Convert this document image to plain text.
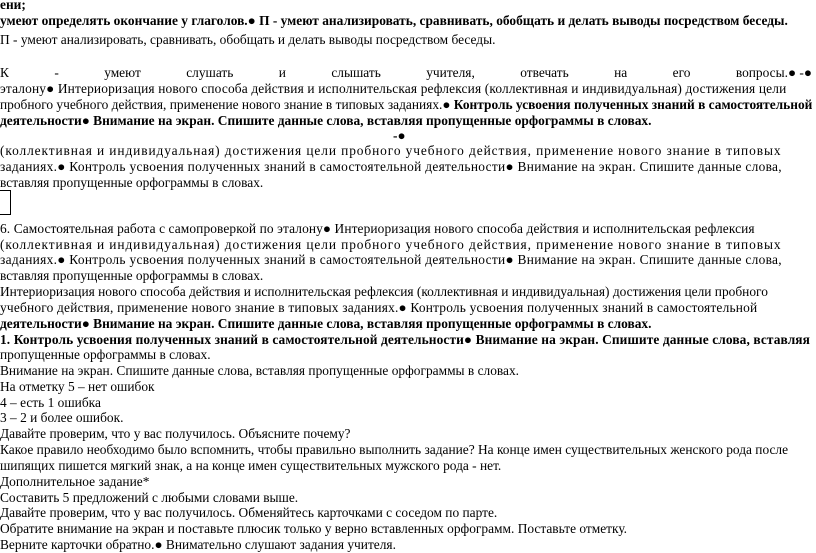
ени;
умеют определять окончание у глаголов.● П - умеют анализировать, сравнивать, обобщать и делать выводы посредством беседы.
П - умеют анализировать, сравнивать, обобщать и делать выводы посредством беседы.
К	-	умеют	слушать	и	слышать	учителя,	отвечать	на	его	вопросы.● -●
эталону● Интериоризация нового способа действия и исполнительская рефлексия (коллективная и индивидуальная) достижения цели
пробного учебного действия, применение нового знание в типовых заданиях.● Контроль усвоения полученных знаний в самостоятельной
деятельности● Внимание на экран. Спишите данные слова, вставляя пропущенные орфограммы в словах.
-●
(коллективная и индивидуальная) достижения цели пробного учебного действия, применение нового знание в типовых
заданиях.● Контроль усвоения полученных знаний в самостоятельной деятельности● Внимание на экран. Спишите данные слова,
вставляя пропущенные орфограммы в словах.
6. Самостоятельная работа с самопроверкой по эталону● Интериоризация нового способа действия и исполнительская рефлексия
(коллективная и индивидуальная) достижения цели пробного учебного действия, применение нового знание в типовых
заданиях.● Контроль усвоения полученных знаний в самостоятельной деятельности● Внимание на экран. Спишите данные слова,
вставляя пропущенные орфограммы в словах.
Интериоризация нового способа действия и исполнительская рефлексия (коллективная и индивидуальная) достижения цели пробного
учебного действия, применение нового знание в типовых заданиях.● Контроль усвоения полученных знаний в самостоятельной
деятельности● Внимание на экран. Спишите данные слова, вставляя пропущенные орфограммы в словах.
1. Контроль усвоения полученных знаний в самостоятельной деятельности● Внимание на экран. Спишите данные слова, вставляя
пропущенные орфограммы в словах.
Внимание на экран. Спишите данные слова, вставляя пропущенные орфограммы в словах.
На отметку 5 – нет ошибок
4 – есть 1 ошибка
3 – 2 и более ошибок.
Давайте проверим, что у вас получилось. Объясните почему?
Какое правило необходимо было вспомнить, чтобы правильно выполнить задание? На конце имен существительных женского рода после
шипящих пишется мягкий знак, а на конце имен существительных мужского рода - нет.
Дополнительное задание*
Составить 5 предложений с любыми словами выше.
Давайте проверим, что у вас получилось. Обменяйтесь карточками с соседом по парте.
Обратите внимание на экран и поставьте плюсик только у верно вставленных орфограмм. Поставьте отметку.
Верните карточки обратно.● Внимательно слушают задания учителя.
